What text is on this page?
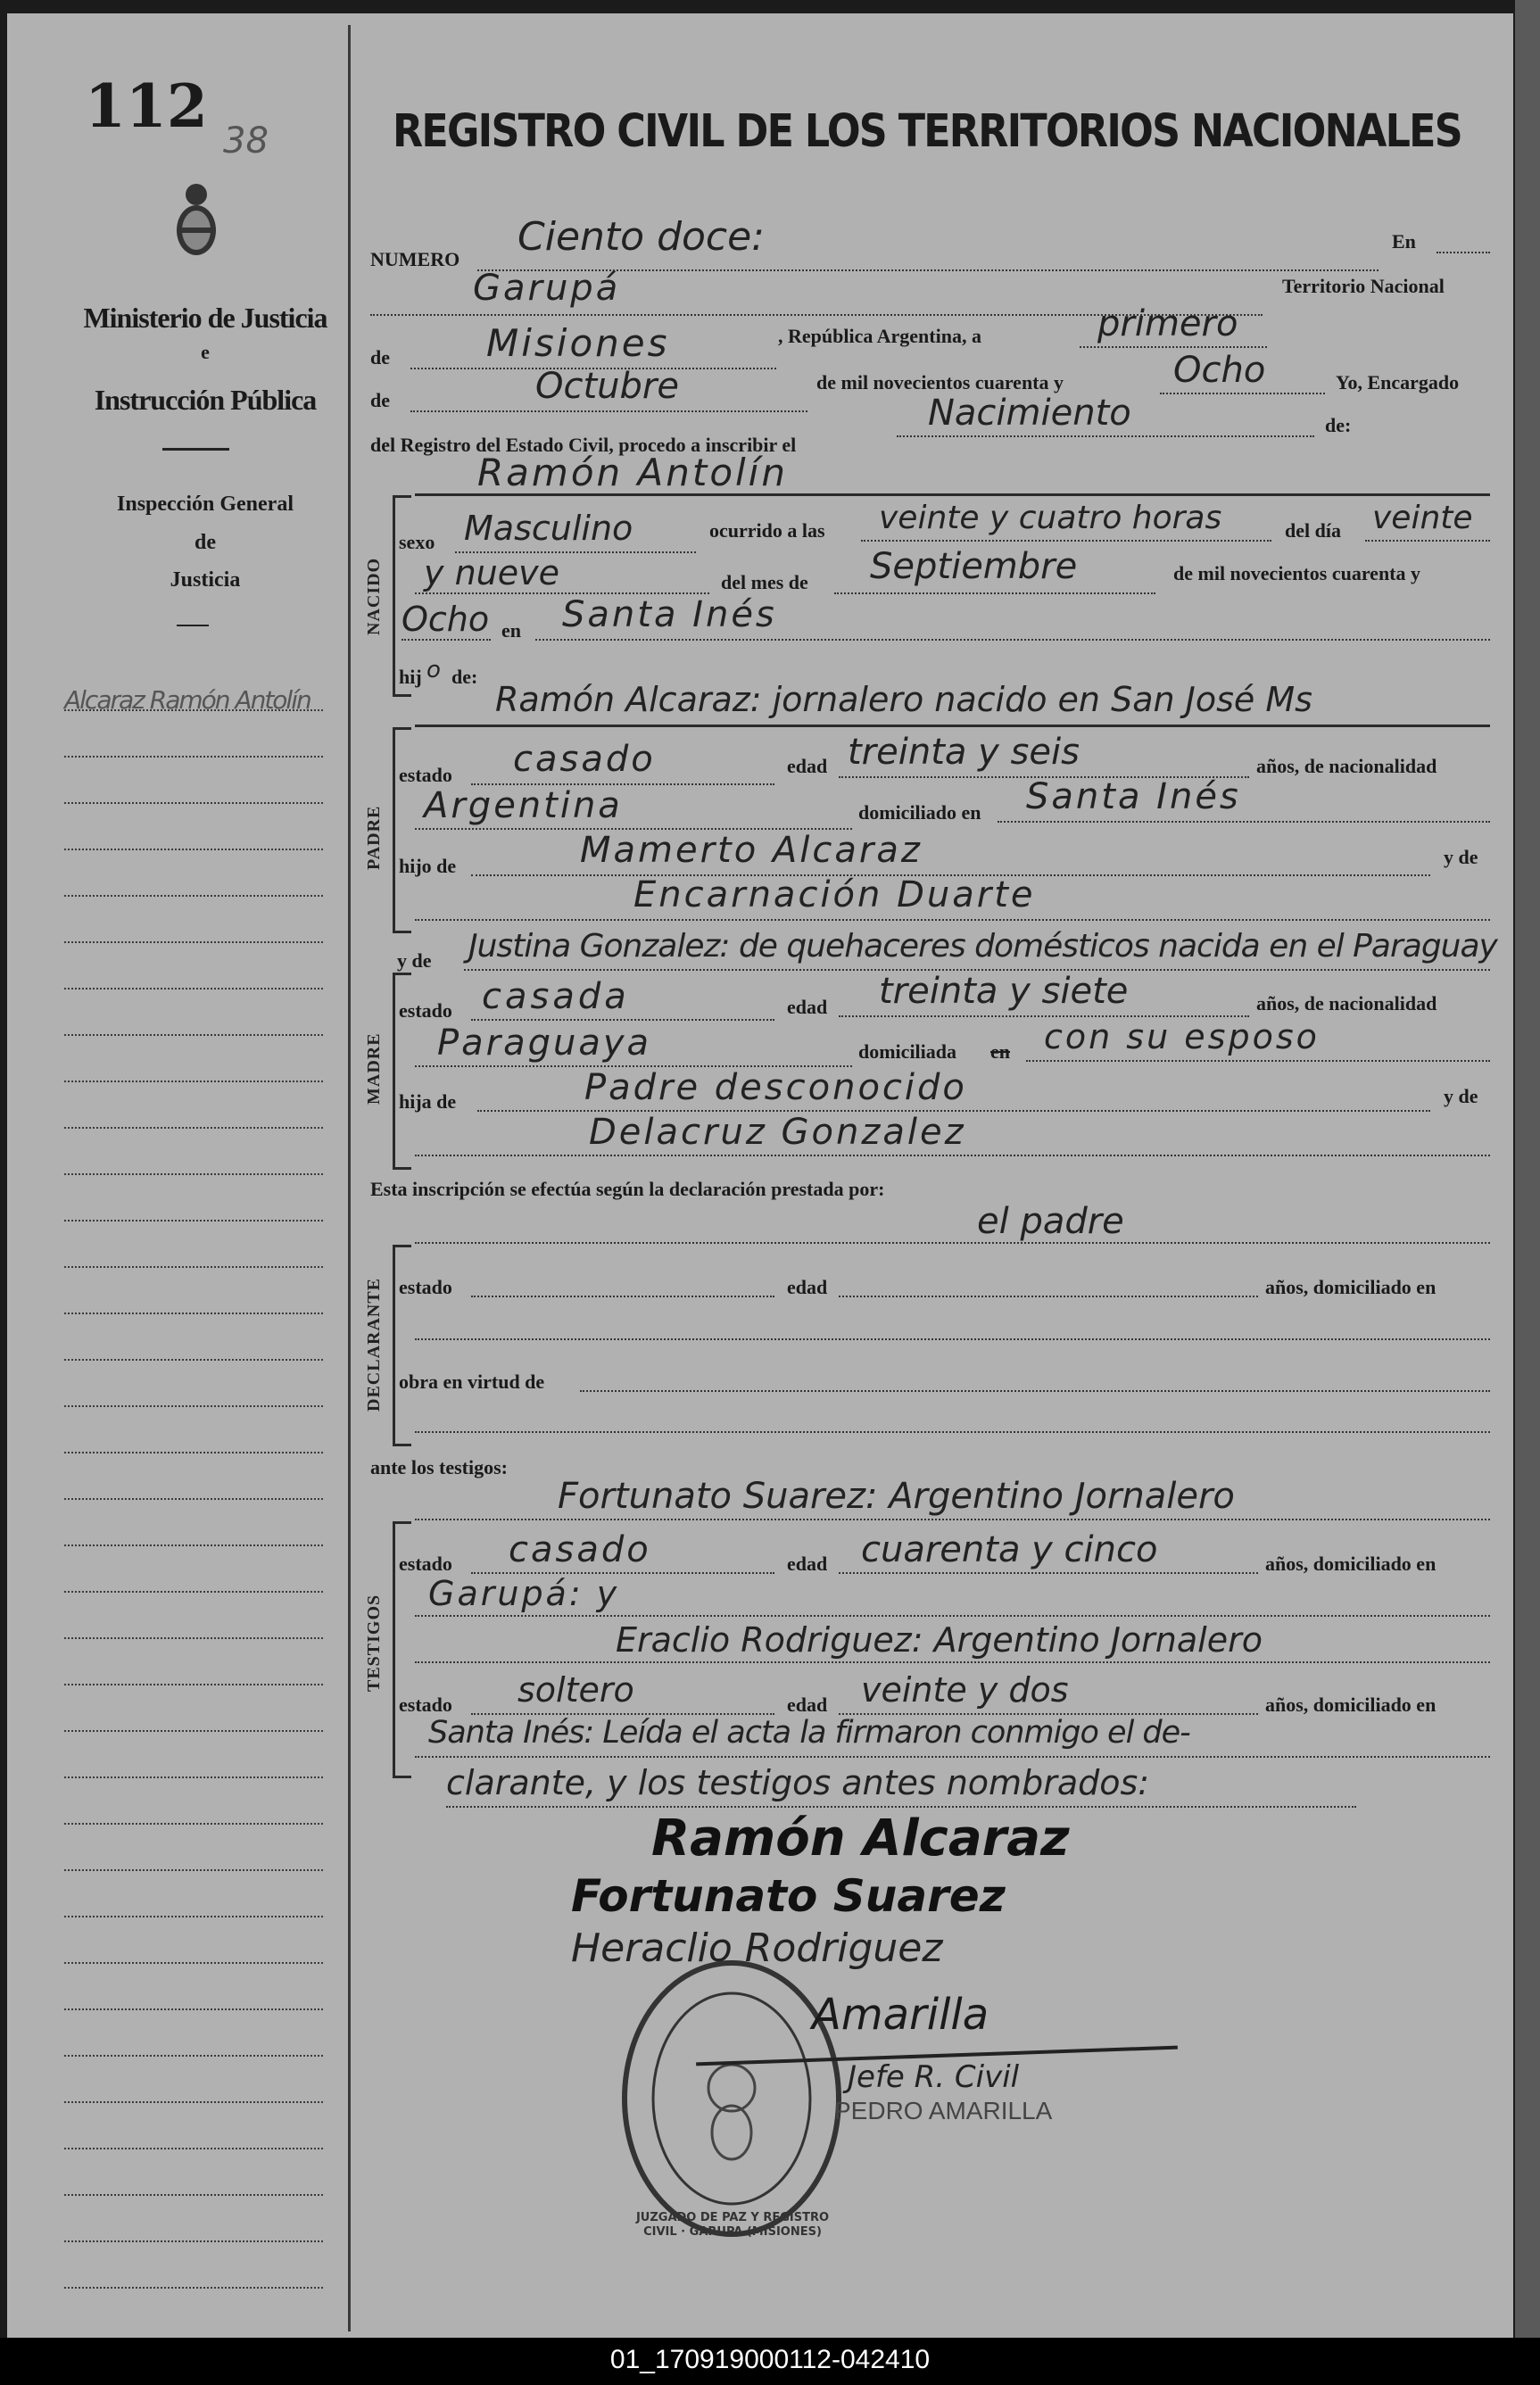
112 38
Ministerio de Justicia
e
Instrucción Pública
Inspección General
de
Justicia
Alcaraz Ramón Antolín
REGISTRO CIVIL DE LOS TERRITORIOS NACIONALES
NUMERO Ciento doce:	En
Garupá	Territorio Nacional
de	Misiones	, República Argentina, a	primero
de	Octubre	de mil novecientos cuarenta y	Ocho	Yo, Encargado
del Registro del Estado Civil, procedo a inscribir el
Nacimiento	de:
NACIDO
Ramón Antolín
sexo Masculino	ocurrido a las veinte y cuatro horas	del día veinte
y nueve	del mes de Septiembre	de mil novecientos cuarenta y
Ocho en Santa Inés
hij o de:
PADRE
Ramón Alcaraz: jornalero nacido en San José Ms
estado casado	edad treinta y seis	años, de nacionalidad
Argentina	domiciliado en Santa Inés
hijo de	Mamerto Alcaraz	y de
Encarnación Duarte
y de
MADRE
Justina Gonzalez: de quehaceres domésticos nacida en el Paraguay
estado casada	edad treinta y siete	años, de nacionalidad
Paraguaya	domiciliada en con su esposo
hija de	Padre desconocido	y de
Delacruz Gonzalez
Esta inscripción se efectúa según la declaración prestada por:
DECLARANTE
el padre
estado	edad	años, domiciliado en
obra en virtud de
ante los testigos:
TESTIGOS
Fortunato Suarez: Argentino Jornalero
estado casado	edad cuarenta y cinco	años, domiciliado en
Garupá: y
Eraclio Rodriguez: Argentino Jornalero
estado soltero	edad veinte y dos	años, domiciliado en
Santa Inés: Leída el acta la firmaron conmigo el de-
clarante, y los testigos antes nombrados:
Ramón Alcaraz
Fortunato Suarez
Heraclio Rodriguez
JUZGADO DE PAZ Y REGISTRO CIVIL · GARUPA (MISIONES)
Amarilla
Jefe R. Civil
PEDRO AMARILLA
01_170919000112-042410
